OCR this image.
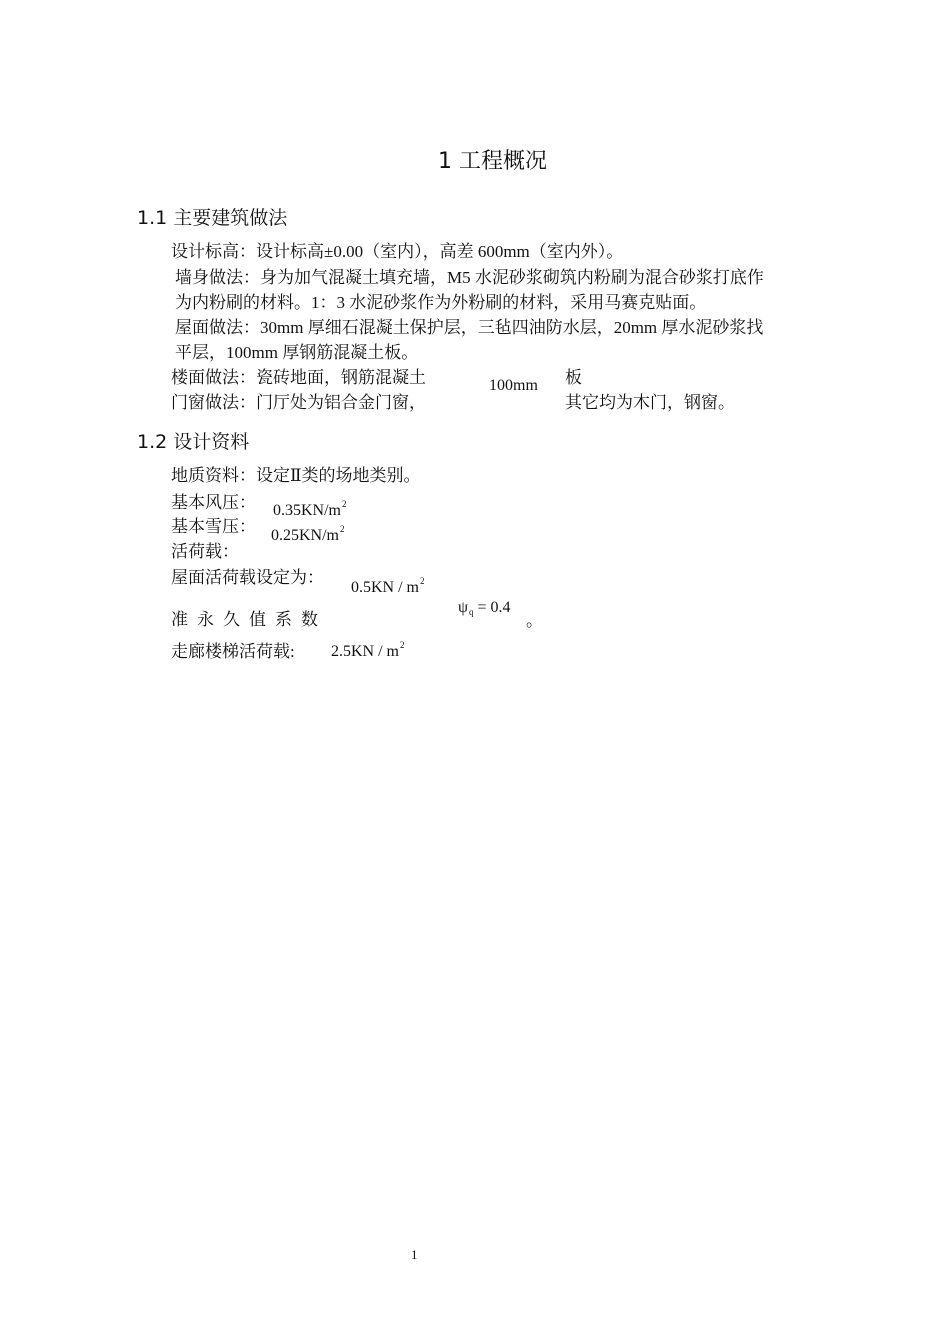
1 工程概况
1.1 主要建筑做法
设计标高：设计标高±0.00（室内），高差 600mm（室内外）。
墙身做法：身为加气混凝土填充墙，M5 水泥砂浆砌筑内粉刷为混合砂浆打底作
为内粉刷的材料。1：3 水泥砂浆作为外粉刷的材料，采用马赛克贴面。
屋面做法：30mm 厚细石混凝土保护层，三毡四油防水层，20mm 厚水泥砂浆找
平层，100mm 厚钢筋混凝土板。
楼面做法：瓷砖地面，钢筋混凝土	100mm 板
门窗做法：门厅处为铝合金门窗，	其它均为木门，钢窗。
1.2 设计资料
地质资料：设定Ⅱ类的场地类别。
基本风压： $0.35KN/m^2$
基本雪压： $0.25KN/m^2$
活荷载：
屋面活荷载设定为：
$0.5KN / m^2$
准永久值系数
$\psi_q = 0.4$
。
走廊楼梯活荷载: $2.5KN / m^2$
1
